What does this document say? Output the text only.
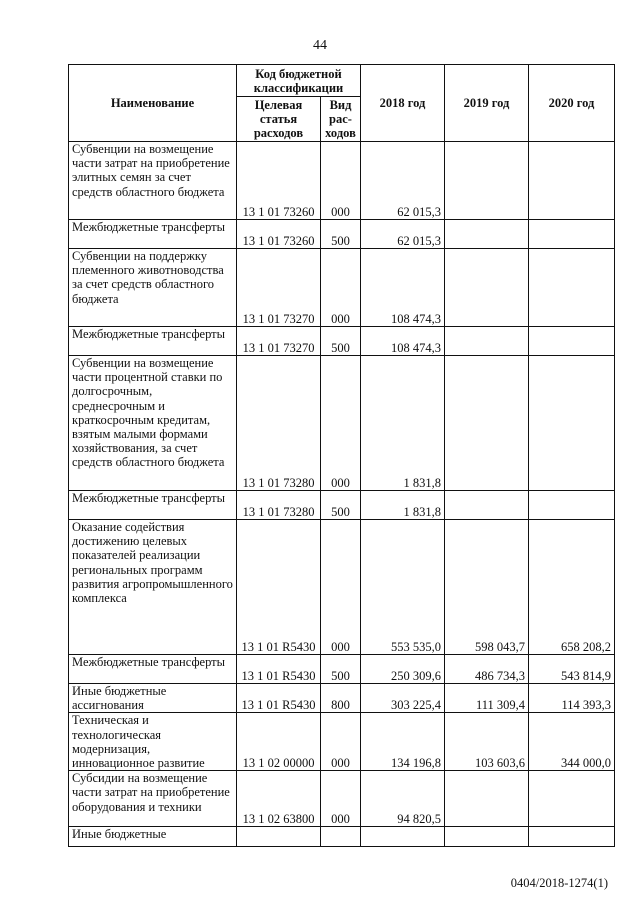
44
Наименование	Код бюджетной классификации		2018 год	2019 год	2020 год
	Целевая статья расходов	Вид рас-ходов			
Субвенции на возмещение части затрат на приобретение элитных семян за счет средств областного бюджета	13 1 01 73260	000	62 015,3		
Межбюджетные трансферты	13 1 01 73260	500	62 015,3		
Субвенции на поддержку племенного животноводства за счет средств областного бюджета	13 1 01 73270	000	108 474,3		
Межбюджетные трансферты	13 1 01 73270	500	108 474,3		
Субвенции на возмещение части процентной ставки по долгосрочным, среднесрочным и краткосрочным кредитам, взятым малыми формами хозяйствования, за счет средств областного бюджета	13 1 01 73280	000	1 831,8		
Межбюджетные трансферты	13 1 01 73280	500	1 831,8		
Оказание содействия достижению целевых показателей реализации региональных программ развития агропромышленного комплекса	13 1 01 R5430	000	553 535,0	598 043,7	658 208,2
Межбюджетные трансферты	13 1 01 R5430	500	250 309,6	486 734,3	543 814,9
Иные бюджетные ассигнования	13 1 01 R5430	800	303 225,4	111 309,4	114 393,3
Техническая и технологическая модернизация, инновационное развитие	13 1 02 00000	000	134 196,8	103 603,6	344 000,0
Субсидии на возмещение части затрат на приобретение оборудования и техники	13 1 02 63800	000	94 820,5		
Иные бюджетные					
0404/2018-1274(1)
